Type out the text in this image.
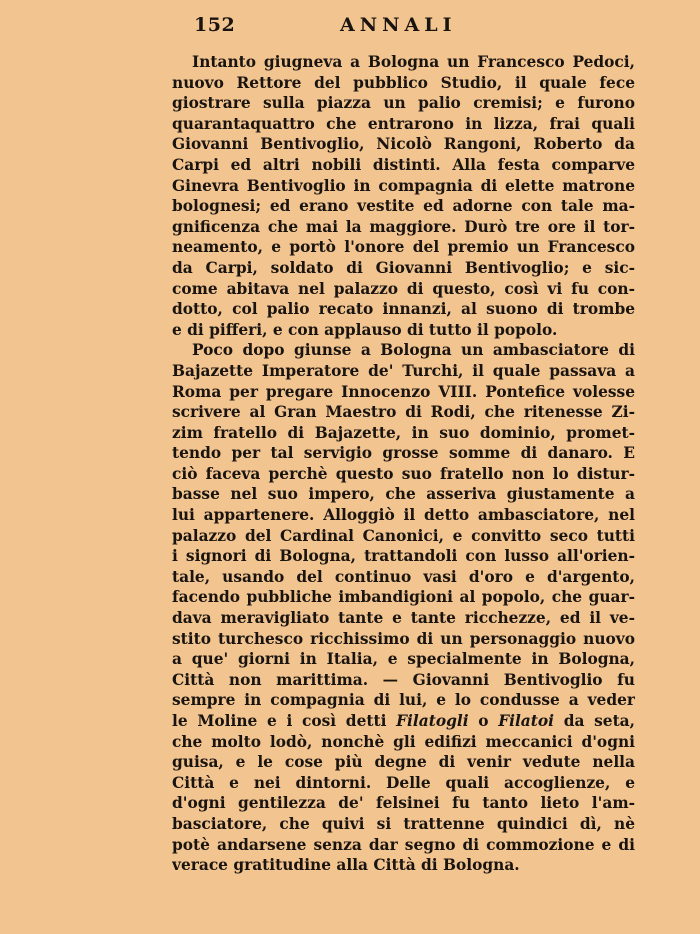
152	ANNALI
Intanto giugneva a Bologna un Francesco Pedoci,
nuovo Rettore del pubblico Studio, il quale fece
giostrare sulla piazza un palio cremisi; e furono
quarantaquattro che entrarono in lizza, frai quali
Giovanni Bentivoglio, Nicolò Rangoni, Roberto da
Carpi ed altri nobili distinti. Alla festa comparve
Ginevra Bentivoglio in compagnia di elette matrone
bolognesi; ed erano vestite ed adorne con tale ma-
gnificenza che mai la maggiore. Durò tre ore il tor-
neamento, e portò l'onore del premio un Francesco
da Carpi, soldato di Giovanni Bentivoglio; e sic-
come abitava nel palazzo di questo, così vi fu con-
dotto, col palio recato innanzi, al suono di trombe
e di pifferi, e con applauso di tutto il popolo.
Poco dopo giunse a Bologna un ambasciatore di
Bajazette Imperatore de' Turchi, il quale passava a
Roma per pregare Innocenzo VIII. Pontefice volesse
scrivere al Gran Maestro di Rodi, che ritenesse Zi-
zim fratello di Bajazette, in suo dominio, promet-
tendo per tal servigio grosse somme di danaro. E
ciò faceva perchè questo suo fratello non lo distur-
basse nel suo impero, che asseriva giustamente a
lui appartenere. Alloggiò il detto ambasciatore, nel
palazzo del Cardinal Canonici, e convitto seco tutti
i signori di Bologna, trattandoli con lusso all'orien-
tale, usando del continuo vasi d'oro e d'argento,
facendo pubbliche imbandigioni al popolo, che guar-
dava meravigliato tante e tante ricchezze, ed il ve-
stito turchesco ricchissimo di un personaggio nuovo
a que' giorni in Italia, e specialmente in Bologna,
Città non marittima. — Giovanni Bentivoglio fu
sempre in compagnia di lui, e lo condusse a veder
le Moline e i così detti Filatogli o Filatoi da seta,
che molto lodò, nonchè gli edifizi meccanici d'ogni
guisa, e le cose più degne di venir vedute nella
Città e nei dintorni. Delle quali accoglienze, e
d'ogni gentilezza de' felsinei fu tanto lieto l'am-
basciatore, che quivi si trattenne quindici dì, nè
potè andarsene senza dar segno di commozione e di
verace gratitudine alla Città di Bologna.
